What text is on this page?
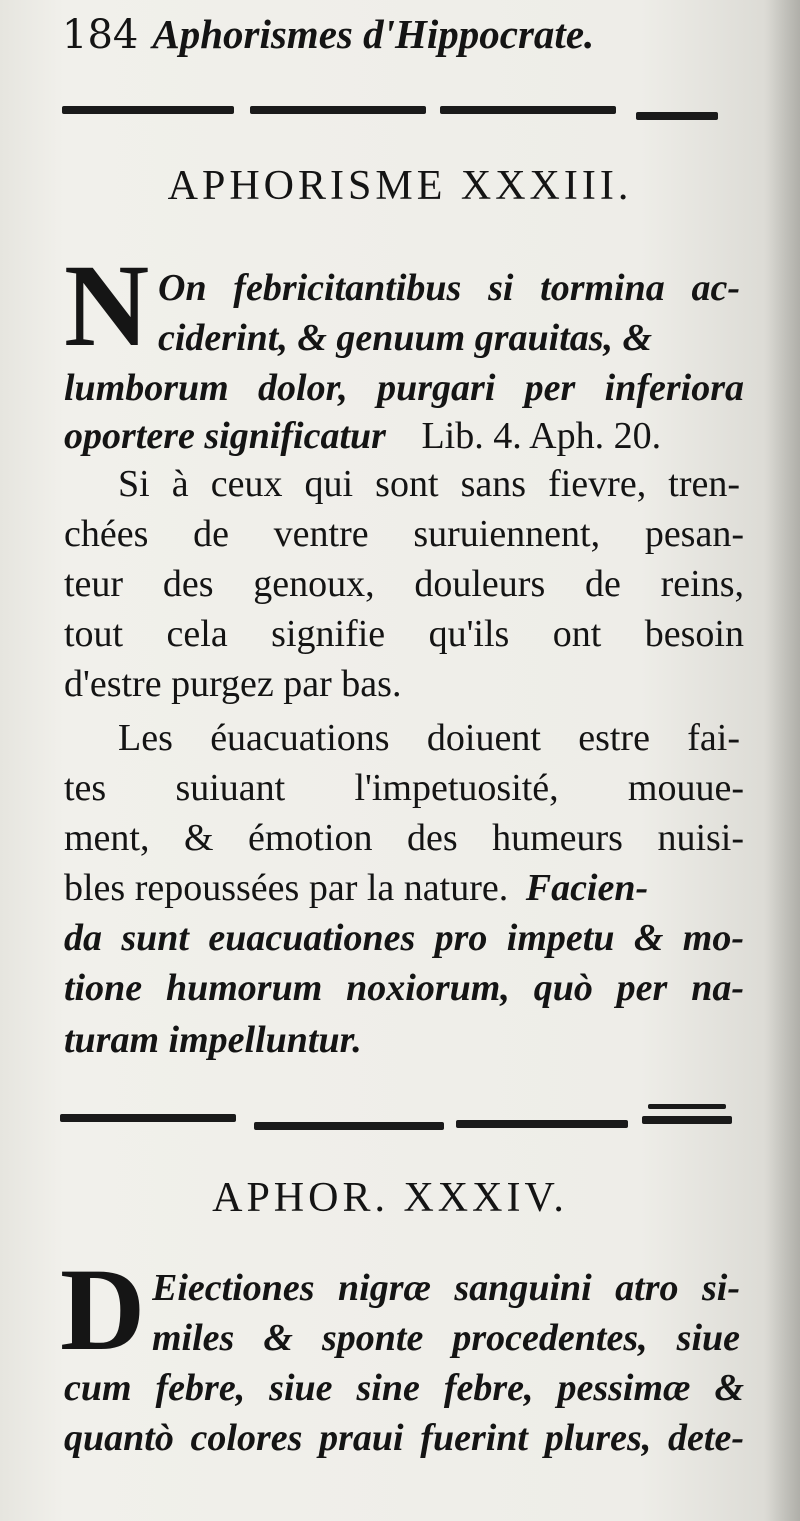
184 Aphorismes d'Hippocrate.
APHORISME XXXIII.
N On febricitantibus si tormina ac-
ciderint, & genuum grauitas, &
lumborum dolor, purgari per inferiora
oportere significatur Lib. 4. Aph. 20.
Si à ceux qui sont sans fievre, tren-
chées de ventre suruiennent, pesan-
teur des genoux, douleurs de reins,
tout cela signifie qu'ils ont besoin
d'estre purgez par bas.
Les éuacuations doiuent estre fai-
tes suiuant l'impetuosité, mouue-
ment, & émotion des humeurs nuisi-
bles repoussées par la nature. Facien-
da sunt euacuationes pro impetu & mo-
tione humorum noxiorum, quò per na-
turam impelluntur.
APHOR. XXXIV.
D Eiectiones nigræ sanguini atro si-
miles & sponte procedentes, siue
cum febre, siue sine febre, pessimæ &
quantò colores praui fuerint plures, dete-
